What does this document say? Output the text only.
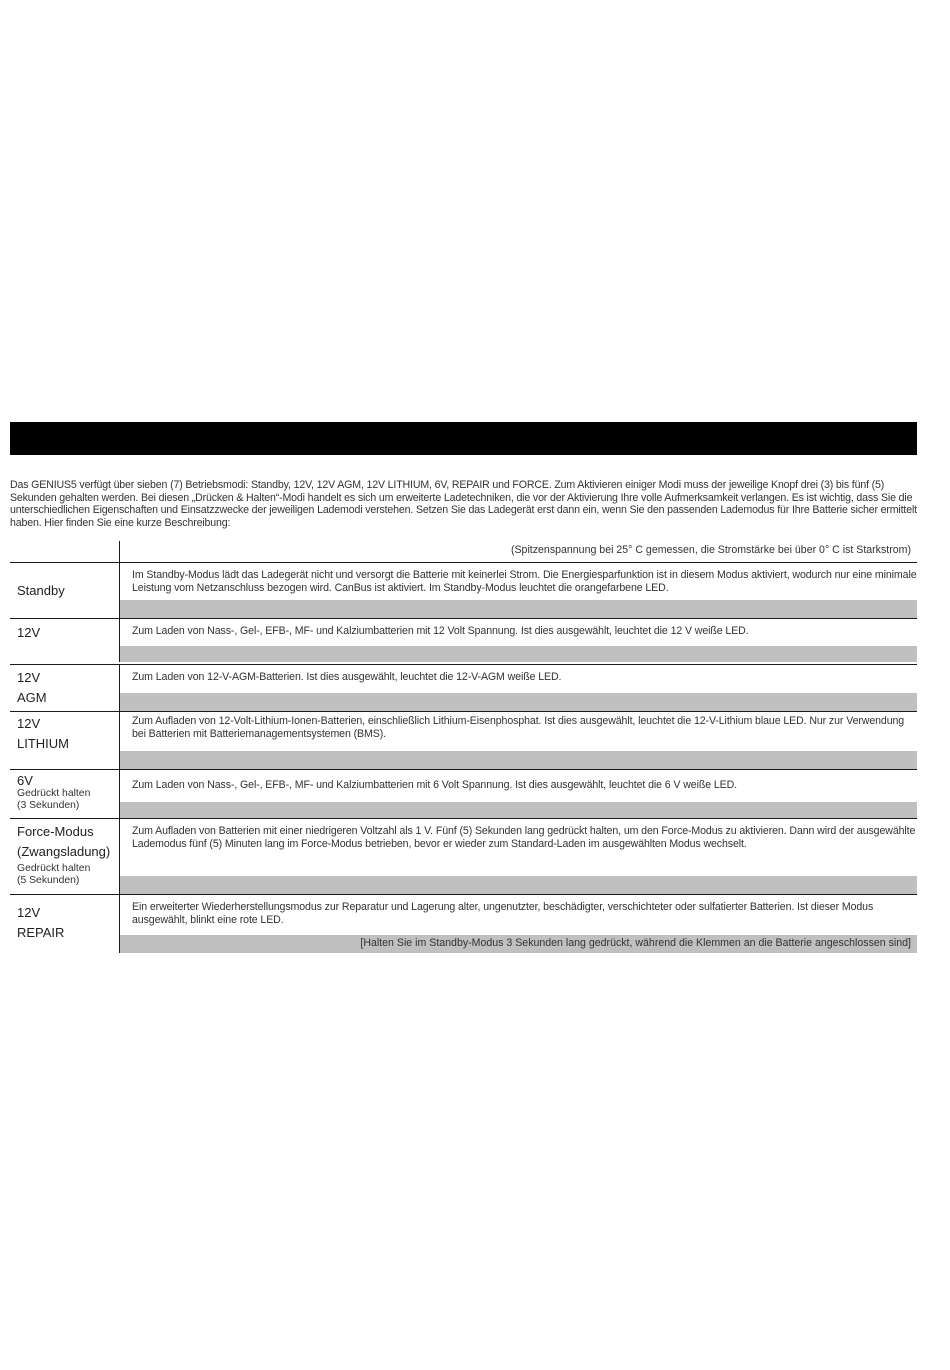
Das GENIUS5 verfügt über sieben (7) Betriebsmodi: Standby, 12V, 12V AGM, 12V LITHIUM, 6V, REPAIR und FORCE. Zum Aktivieren einiger Modi muss der jeweilige Knopf drei (3) bis fünf (5) Sekunden gehalten werden. Bei diesen „Drücken & Halten“-Modi handelt es sich um erweiterte Ladetechniken, die vor der Aktivierung Ihre volle Aufmerksamkeit verlangen. Es ist wichtig, dass Sie die unterschiedlichen Eigenschaften und Einsatzzwecke der jeweiligen Lademodi verstehen. Setzen Sie das Ladegerät erst dann ein, wenn Sie den passenden Lademodus für Ihre Batterie sicher ermittelt haben. Hier finden Sie eine kurze Beschreibung:

(Spitzenspannung bei 25° C gemessen, die Stromstärke bei über 0° C ist Starkstrom)
Standby
Im Standby-Modus lädt das Ladegerät nicht und versorgt die Batterie mit keinerlei Strom. Die Energiesparfunktion ist in diesem Modus aktiviert, wodurch nur eine minimale Leistung vom Netzanschluss bezogen wird. CanBus ist aktiviert. Im Standby-Modus leuchtet die orangefarbene LED.
12V	Zum Laden von Nass-, Gel-, EFB-, MF- und Kalziumbatterien mit 12 Volt Spannung. Ist dies ausgewählt, leuchtet die 12 V weiße LED.
12V
AGM
Zum Laden von 12-V-AGM-Batterien. Ist dies ausgewählt, leuchtet die 12-V-AGM weiße LED.
12V
LITHIUM
Zum Aufladen von 12-Volt-Lithium-Ionen-Batterien, einschließlich Lithium-Eisenphosphat. Ist dies ausgewählt, leuchtet die 12-V-Lithium blaue LED. Nur zur Verwendung bei Batterien mit Batteriemanagementsystemen (BMS).
6V
Gedrückt halten
(3 Sekunden)
Zum Laden von Nass-, Gel-, EFB-, MF- und Kalziumbatterien mit 6 Volt Spannung. Ist dies ausgewählt, leuchtet die 6 V weiße LED.
Force-Modus
(Zwangsladung)
Gedrückt halten
(5 Sekunden)
Zum Aufladen von Batterien mit einer niedrigeren Voltzahl als 1 V. Fünf (5) Sekunden lang gedrückt halten, um den Force-Modus zu aktivieren. Dann wird der ausgewählte Lademodus fünf (5) Minuten lang im Force-Modus betrieben, bevor er wieder zum Standard-Laden im ausgewählten Modus wechselt.
12V
REPAIR
Ein erweiterter Wiederherstellungsmodus zur Reparatur und Lagerung alter, ungenutzter, beschädigter, verschichteter oder sulfatierter Batterien. Ist dieser Modus ausgewählt, blinkt eine rote LED.
[Halten Sie im Standby-Modus 3 Sekunden lang gedrückt, während die Klemmen an die Batterie angeschlossen sind]
